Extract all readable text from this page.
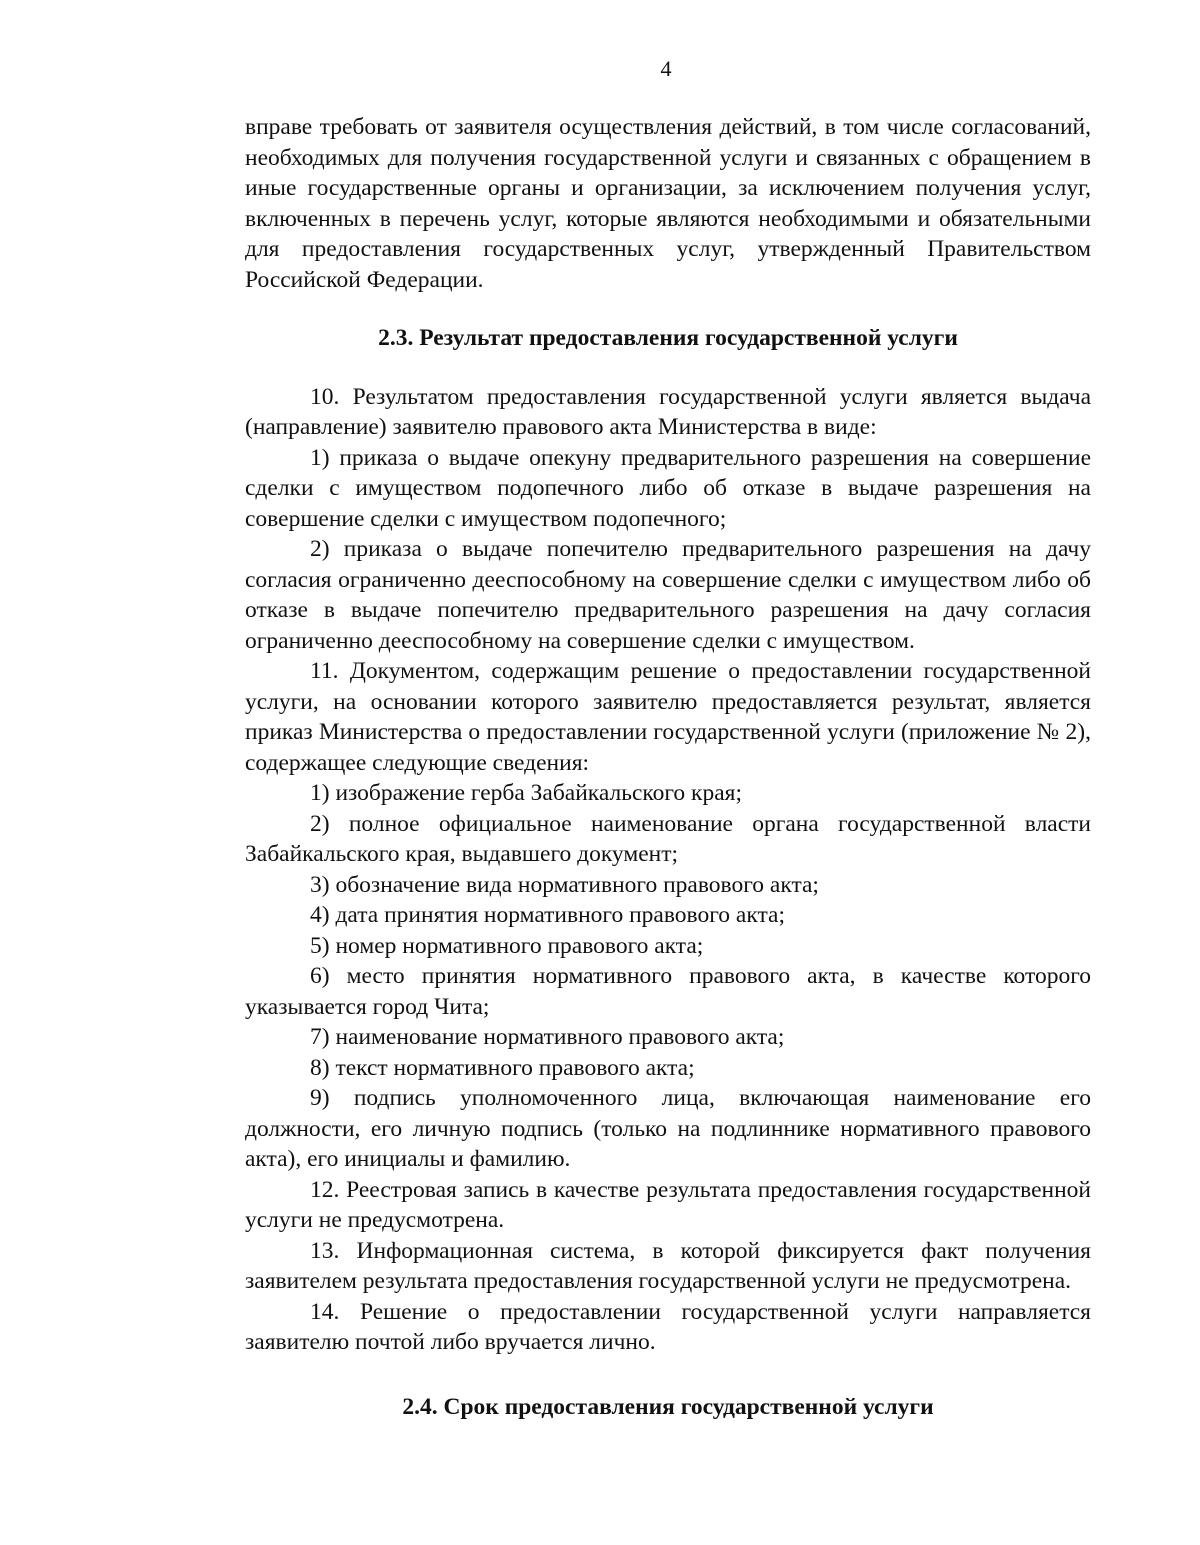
4

вправе требовать от заявителя осуществления действий, в том числе согласований, необходимых для получения государственной услуги и связанных с обращением в иные государственные органы и организации, за исключением получения услуг, включенных в перечень услуг, которые являются необходимыми и обязательными для предоставления государственных услуг, утвержденный Правительством Российской Федерации.

2.3. Результат предоставления государственной услуги

10. Результатом предоставления государственной услуги является выдача (направление) заявителю правового акта Министерства в виде:

1) приказа о выдаче опекуну предварительного разрешения на совершение сделки с имуществом подопечного либо об отказе в выдаче разрешения на совершение сделки с имуществом подопечного;

2) приказа о выдаче попечителю предварительного разрешения на дачу согласия ограниченно дееспособному на совершение сделки с имуществом либо об отказе в выдаче попечителю предварительного разрешения на дачу согласия ограниченно дееспособному на совершение сделки с имуществом.

11. Документом, содержащим решение о предоставлении государственной услуги, на основании которого заявителю предоставляется результат, является приказ Министерства о предоставлении государственной услуги (приложение № 2), содержащее следующие сведения:

1) изображение герба Забайкальского края;

2) полное официальное наименование органа государственной власти Забайкальского края, выдавшего документ;

3) обозначение вида нормативного правового акта;

4) дата принятия нормативного правового акта;

5) номер нормативного правового акта;

6) место принятия нормативного правового акта, в качестве которого указывается город Чита;

7) наименование нормативного правового акта;

8) текст нормативного правового акта;

9) подпись уполномоченного лица, включающая наименование его должности, его личную подпись (только на подлиннике нормативного правового акта), его инициалы и фамилию.

12. Реестровая запись в качестве результата предоставления государственной услуги не предусмотрена.

13. Информационная система, в которой фиксируется факт получения заявителем результата предоставления государственной услуги не предусмотрена.

14. Решение о предоставлении государственной услуги направляется заявителю почтой либо вручается лично.

2.4. Срок предоставления государственной услуги
